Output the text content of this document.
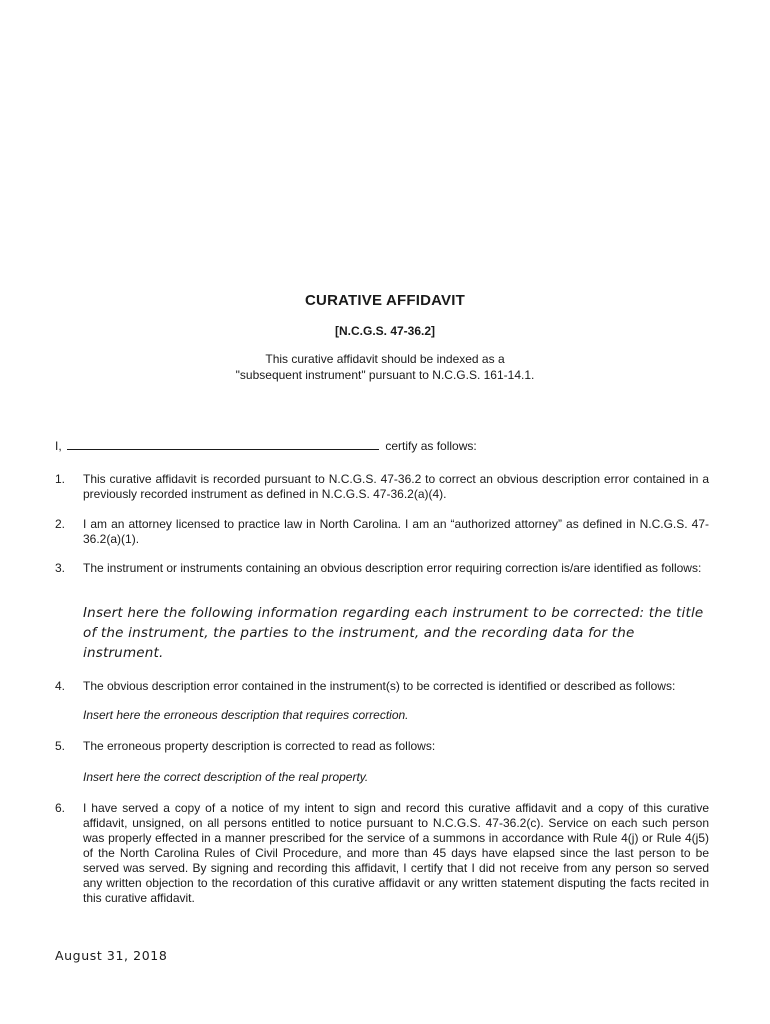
CURATIVE AFFIDAVIT
[N.C.G.S. 47-36.2]
This curative affidavit should be indexed as a
"subsequent instrument" pursuant to N.C.G.S. 161-14.1.
I,	certify as follows:
1. This curative affidavit is recorded pursuant to N.C.G.S. 47-36.2 to correct an obvious description error contained in a previously recorded instrument as defined in N.C.G.S. 47-36.2(a)(4).
2. I am an attorney licensed to practice law in North Carolina. I am an “authorized attorney” as defined in N.C.G.S. 47-36.2(a)(1).
3. The instrument or instruments containing an obvious description error requiring correction is/are identified as follows:
Insert here the following information regarding each instrument to be corrected: the title of the instrument, the parties to the instrument, and the recording data for the instrument.
4. The obvious description error contained in the instrument(s) to be corrected is identified or described as follows:
Insert here the erroneous description that requires correction.
5. The erroneous property description is corrected to read as follows:
Insert here the correct description of the real property.
6. I have served a copy of a notice of my intent to sign and record this curative affidavit and a copy of this curative affidavit, unsigned, on all persons entitled to notice pursuant to N.C.G.S. 47-36.2(c). Service on each such person was properly effected in a manner prescribed for the service of a summons in accordance with Rule 4(j) or Rule 4(j5) of the North Carolina Rules of Civil Procedure, and more than 45 days have elapsed since the last person to be served was served. By signing and recording this affidavit, I certify that I did not receive from any person so served any written objection to the recordation of this curative affidavit or any written statement disputing the facts recited in this curative affidavit.
August 31, 2018
